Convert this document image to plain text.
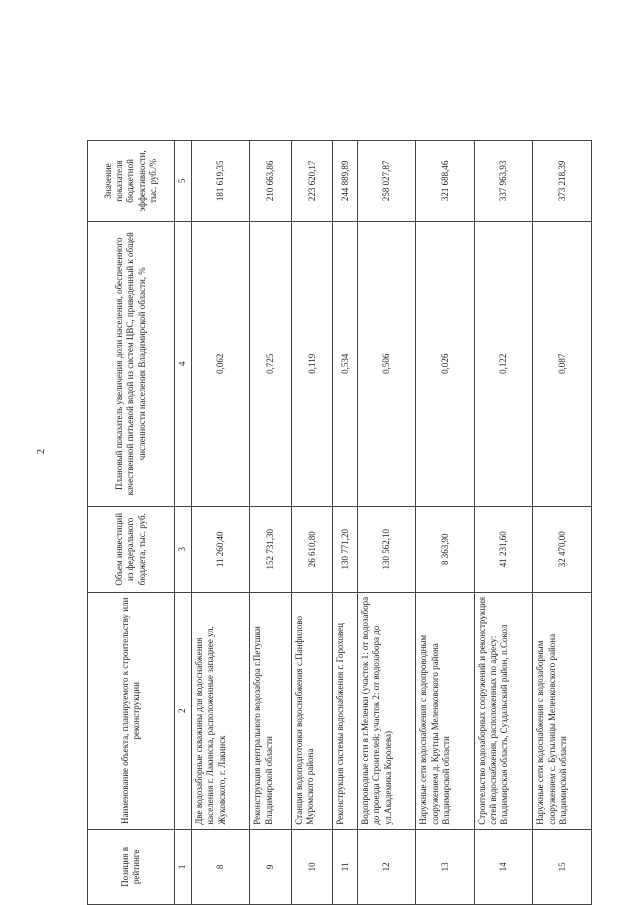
2
Позиция в рейтинге	Наименование объекта, планируемого к строительству или реконструкции	Объем инвестиций из федерального бюджета, тыс. руб.	Плановый показатель увеличения доли населения, обеспеченного качественной питьевой водой из систем ЦВС, приведенный к общей численности населения Владимирской области, %	Значение показателя бюджетной эффективности, тыс. руб./%
1	2	3	4	5
8	Две водозаборные скважины для водоснабжения населения г. Лакинска, расположенные западнее ул. Жуковского, г. Лакинск	11 260,40	0,062	181 619,35
9	Реконструкция центрального водозабора г.Петушки Владимирской области	152 731,30	0,725	210 663,86
10	Станция водоподготовки водоснабжения с.Панфилово Муромского района	26 610,80	0,119	223 620,17
11	Реконструкция системы водоснабжения г. Гороховец	130 771,20	0,534	244 889,89
12	Водопроводные сети в г.Меленки (участок 1: от водозабора до проезда Строителей; участок 2: от водозабора до ул.Академика Королева)	130 562,10	0,506	258 027,87
13	Наружные сети водоснабжения с водопроводным сооружением д. Крутцы Меленковского района Владимирской области	8 363,90	0,026	321 688,46
14	Строительство водозаборных сооружений и реконструкция сетей водоснабжения, расположенных по адресу: Владимирская область, Суздальский район, п.Сокол	41 231,60	0,122	337 963,93
15	Наружные сети водоснабжения с водозаборным сооружением с. Бутылицы Меленковского района Владимирской области	32 470,00	0,087	373 218,39
